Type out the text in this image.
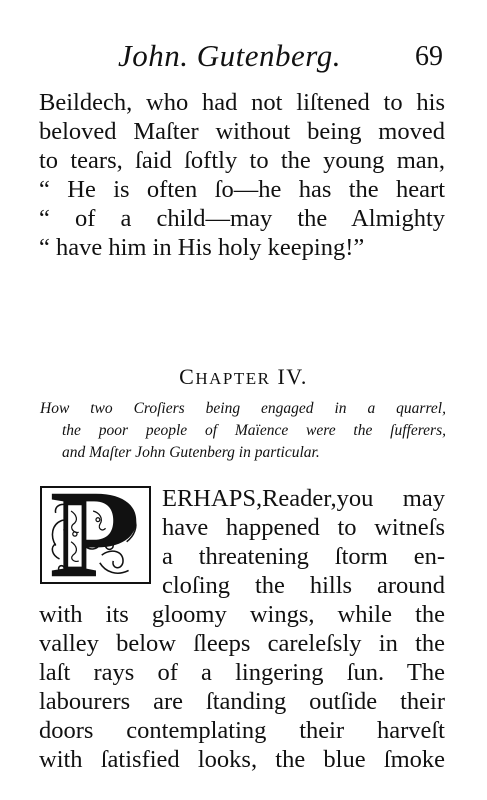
John. Gutenberg.	69
Beildech, who had not liſtened to his
beloved Maſter without being moved
to tears, ſaid ſoftly to the young man,
“ He is often ſo—he has the heart
“ of a child—may the Almighty
“ have him in His holy keeping!”
CHAPTER IV.
How two Croſiers being engaged in a quarrel,
the poor people of Maïence were the ſufferers,
and Maſter John Gutenberg in particular.
ERHAPS,Reader,you may
have happened to witneſs
a threatening ſtorm en-
cloſing the hills around
with its gloomy wings, while the
valley below ſleeps careleſsly in the
laſt rays of a lingering ſun. The
labourers are ſtanding outſide their
doors contemplating their harveſt
with ſatisfied looks, the blue ſmoke
